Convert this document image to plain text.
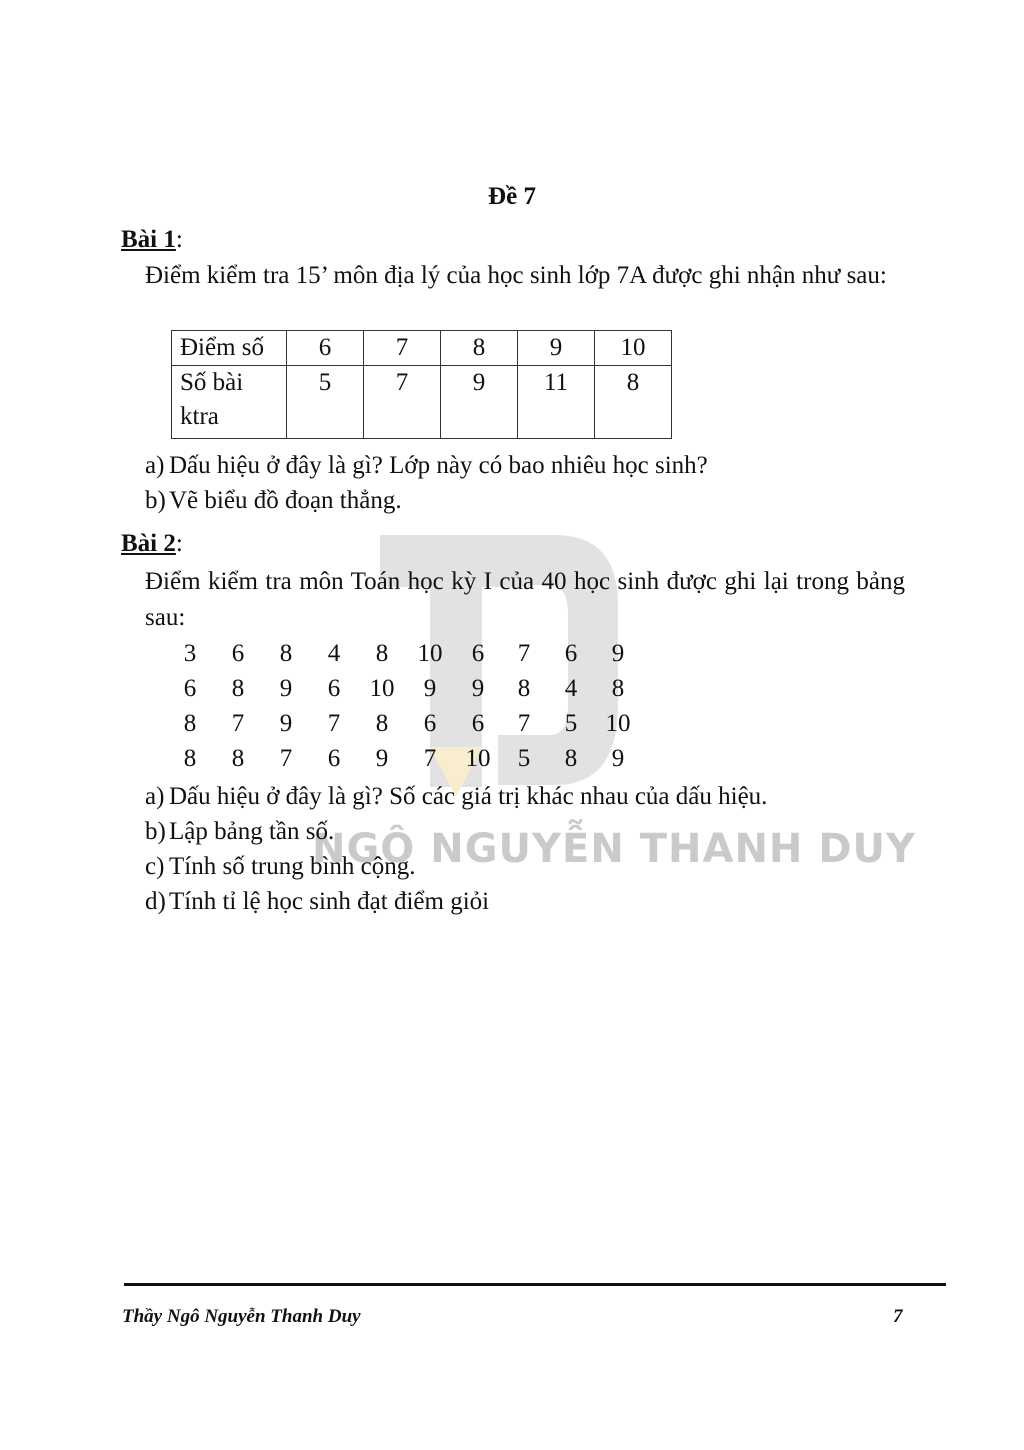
NGÔ NGUYỄN THANH DUY
Đề 7
Bài 1:
Điểm kiểm tra 15’ môn địa lý của học sinh lớp 7A được ghi nhận như sau:
Điểm số	6	7	8	9	10
Số bài ktra	5	7	9	11	8
a) Dấu hiệu ở đây là gì? Lớp này có bao nhiêu học sinh?
b) Vẽ biểu đồ đoạn thẳng.
Bài 2:
Điểm kiểm tra môn Toán học kỳ I của 40 học sinh được ghi lại trong bảng sau:
3	6	8	4	8	10	6	7	6	9
6	8	9	6	10	9	9	8	4	8
8	7	9	7	8	6	6	7	5	10
8	8	7	6	9	7	10	5	8	9
a) Dấu hiệu ở đây là gì? Số các giá trị khác nhau của dấu hiệu.
b) Lập bảng tần số.
c) Tính số trung bình cộng.
d) Tính tỉ lệ học sinh đạt điểm giỏi
Thầy Ngô Nguyễn Thanh Duy	7
